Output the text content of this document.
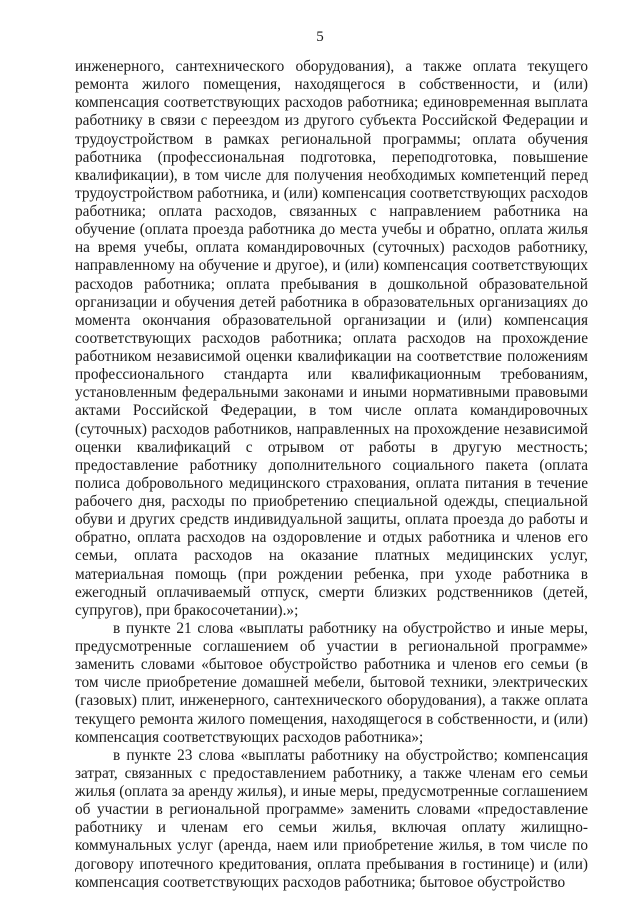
5

инженерного, сантехнического оборудования), а также оплата текущего ремонта жилого помещения, находящегося в собственности, и (или) компенсация соответствующих расходов работника; единовременная выплата работнику в связи с переездом из другого субъекта Российской Федерации и трудоустройством в рамках региональной программы; оплата обучения работника (профессиональная подготовка, переподготовка, повышение квалификации), в том числе для получения необходимых компетенций перед трудоустройством работника, и (или) компенсация соответствующих расходов работника; оплата расходов, связанных с направлением работника на обучение (оплата проезда работника до места учебы и обратно, оплата жилья на время учебы, оплата командировочных (суточных) расходов работнику, направленному на обучение и другое), и (или) компенсация соответствующих расходов работника; оплата пребывания в дошкольной образовательной организации и обучения детей работника в образовательных организациях до момента окончания образовательной организации и (или) компенсация соответствующих расходов работника; оплата расходов на прохождение работником независимой оценки квалификации на соответствие положениям профессионального стандарта или квалификационным требованиям, установленным федеральными законами и иными нормативными правовыми актами Российской Федерации, в том числе оплата командировочных (суточных) расходов работников, направленных на прохождение независимой оценки квалификаций с отрывом от работы в другую местность; предоставление работнику дополнительного социального пакета (оплата полиса добровольного медицинского страхования, оплата питания в течение рабочего дня, расходы по приобретению специальной одежды, специальной обуви и других средств индивидуальной защиты, оплата проезда до работы и обратно, оплата расходов на оздоровление и отдых работника и членов его семьи, оплата расходов на оказание платных медицинских услуг, материальная помощь (при рождении ребенка, при уходе работника в ежегодный оплачиваемый отпуск, смерти близких родственников (детей, супругов), при бракосочетании).»;

в пункте 21 слова «выплаты работнику на обустройство и иные меры, предусмотренные соглашением об участии в региональной программе» заменить словами «бытовое обустройство работника и членов его семьи (в том числе приобретение домашней мебели, бытовой техники, электрических (газовых) плит, инженерного, сантехнического оборудования), а также оплата текущего ремонта жилого помещения, находящегося в собственности, и (или) компенсация соответствующих расходов работника»;

в пункте 23 слова «выплаты работнику на обустройство; компенсация затрат, связанных с предоставлением работнику, а также членам его семьи жилья (оплата за аренду жилья), и иные меры, предусмотренные соглашением об участии в региональной программе» заменить словами «предоставление работнику и членам его семьи жилья, включая оплату жилищно-коммунальных услуг (аренда, наем или приобретение жилья, в том числе по договору ипотечного кредитования, оплата пребывания в гостинице) и (или) компенсация соответствующих расходов работника; бытовое обустройство
